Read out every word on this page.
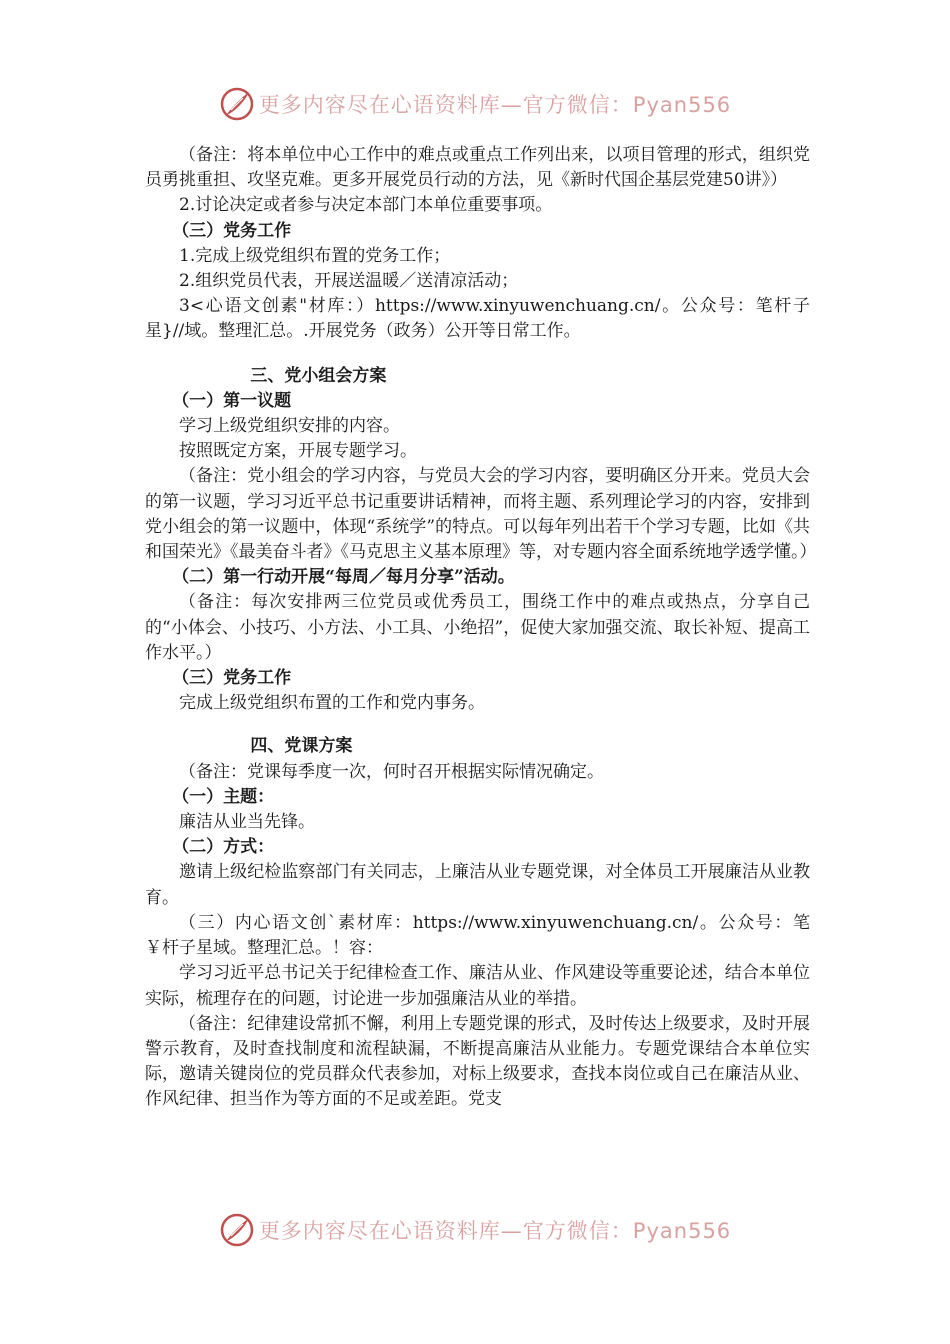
更多内容尽在心语资料库—官方微信：Pyan556

（备注：将本单位中心工作中的难点或重点工作列出来，以项目管理的形式，组织党员勇挑重担、攻坚克难。更多开展党员行动的方法，见《新时代国企基层党建50讲》）

2.讨论决定或者参与决定本部门本单位重要事项。

（三）党务工作

1.完成上级党组织布置的党务工作；

2.组织党员代表，开展送温暖／送清凉活动；

3<心语文创素"材库：）https://www.xinyuwenchuang.cn/。公众号：笔杆子星}//域。整理汇总。.开展党务（政务）公开等日常工作。

三、党小组会方案

（一）第一议题

学习上级党组织安排的内容。

按照既定方案，开展专题学习。

（备注：党小组会的学习内容，与党员大会的学习内容，要明确区分开来。党员大会的第一议题，学习习近平总书记重要讲话精神，而将主题、系列理论学习的内容，安排到党小组会的第一议题中，体现“系统学”的特点。可以每年列出若干个学习专题，比如《共和国荣光》《最美奋斗者》《马克思主义基本原理》等，对专题内容全面系统地学透学懂。）

（二）第一行动开展“每周／每月分享”活动。

（备注：每次安排两三位党员或优秀员工，围绕工作中的难点或热点，分享自己的“小体会、小技巧、小方法、小工具、小绝招”，促使大家加强交流、取长补短、提高工作水平。）

（三）党务工作

完成上级党组织布置的工作和党内事务。

四、党课方案

（备注：党课每季度一次，何时召开根据实际情况确定。

（一）主题：

廉洁从业当先锋。

（二）方式：

邀请上级纪检监察部门有关同志，上廉洁从业专题党课，对全体员工开展廉洁从业教育。

（三）内心语文创`素材库：https://www.xinyuwenchuang.cn/。公众号：笔￥杆子星域。整理汇总。！容：

学习习近平总书记关于纪律检查工作、廉洁从业、作风建设等重要论述，结合本单位实际，梳理存在的问题，讨论进一步加强廉洁从业的举措。

（备注：纪律建设常抓不懈，利用上专题党课的形式，及时传达上级要求，及时开展警示教育，及时查找制度和流程缺漏，不断提高廉洁从业能力。专题党课结合本单位实际，邀请关键岗位的党员群众代表参加，对标上级要求，查找本岗位或自己在廉洁从业、作风纪律、担当作为等方面的不足或差距。党支

更多内容尽在心语资料库—官方微信：Pyan556
